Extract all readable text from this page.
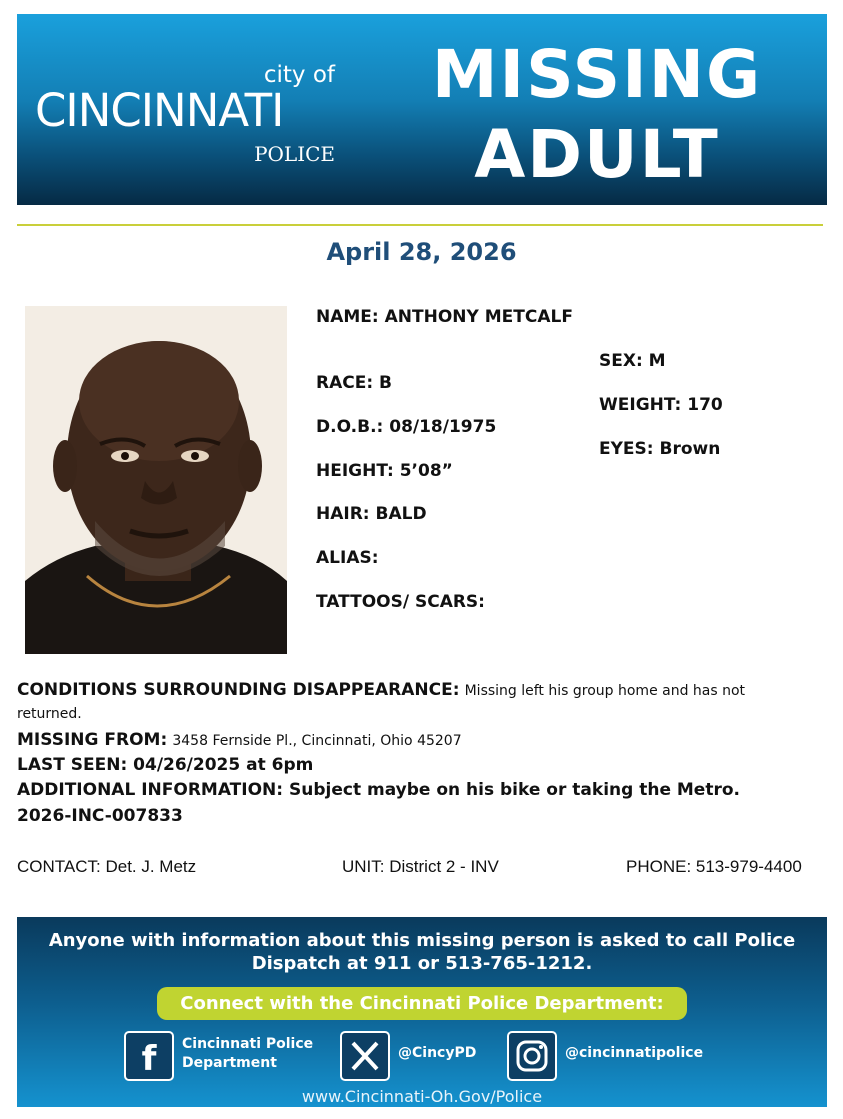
city of
CINCINNATI
POLICE
MISSING
ADULT
April 28, 2026
NAME: ANTHONY METCALF
RACE: B
D.O.B.: 08/18/1975
HEIGHT: 5’08”
HAIR: BALD
ALIAS:
TATTOOS/ SCARS:
SEX: M
WEIGHT: 170
EYES: Brown
CONDITIONS SURROUNDING DISAPPEARANCE: Missing left his group home and has not
returned.
MISSING FROM: 3458 Fernside Pl., Cincinnati, Ohio 45207
LAST SEEN: 04/26/2025 at 6pm
ADDITIONAL INFORMATION: Subject maybe on his bike or taking the Metro.
2026-INC-007833
CONTACT: Det. J. Metz	UNIT: District 2 - INV	PHONE: 513-979-4400
Anyone with information about this missing person is asked to call Police
Dispatch at 911 or 513-765-1212.
Connect with the Cincinnati Police Department:
f Cincinnati Police
Department
@CincyPD	@cincinnatipolice
www.Cincinnati-Oh.Gov/Police
